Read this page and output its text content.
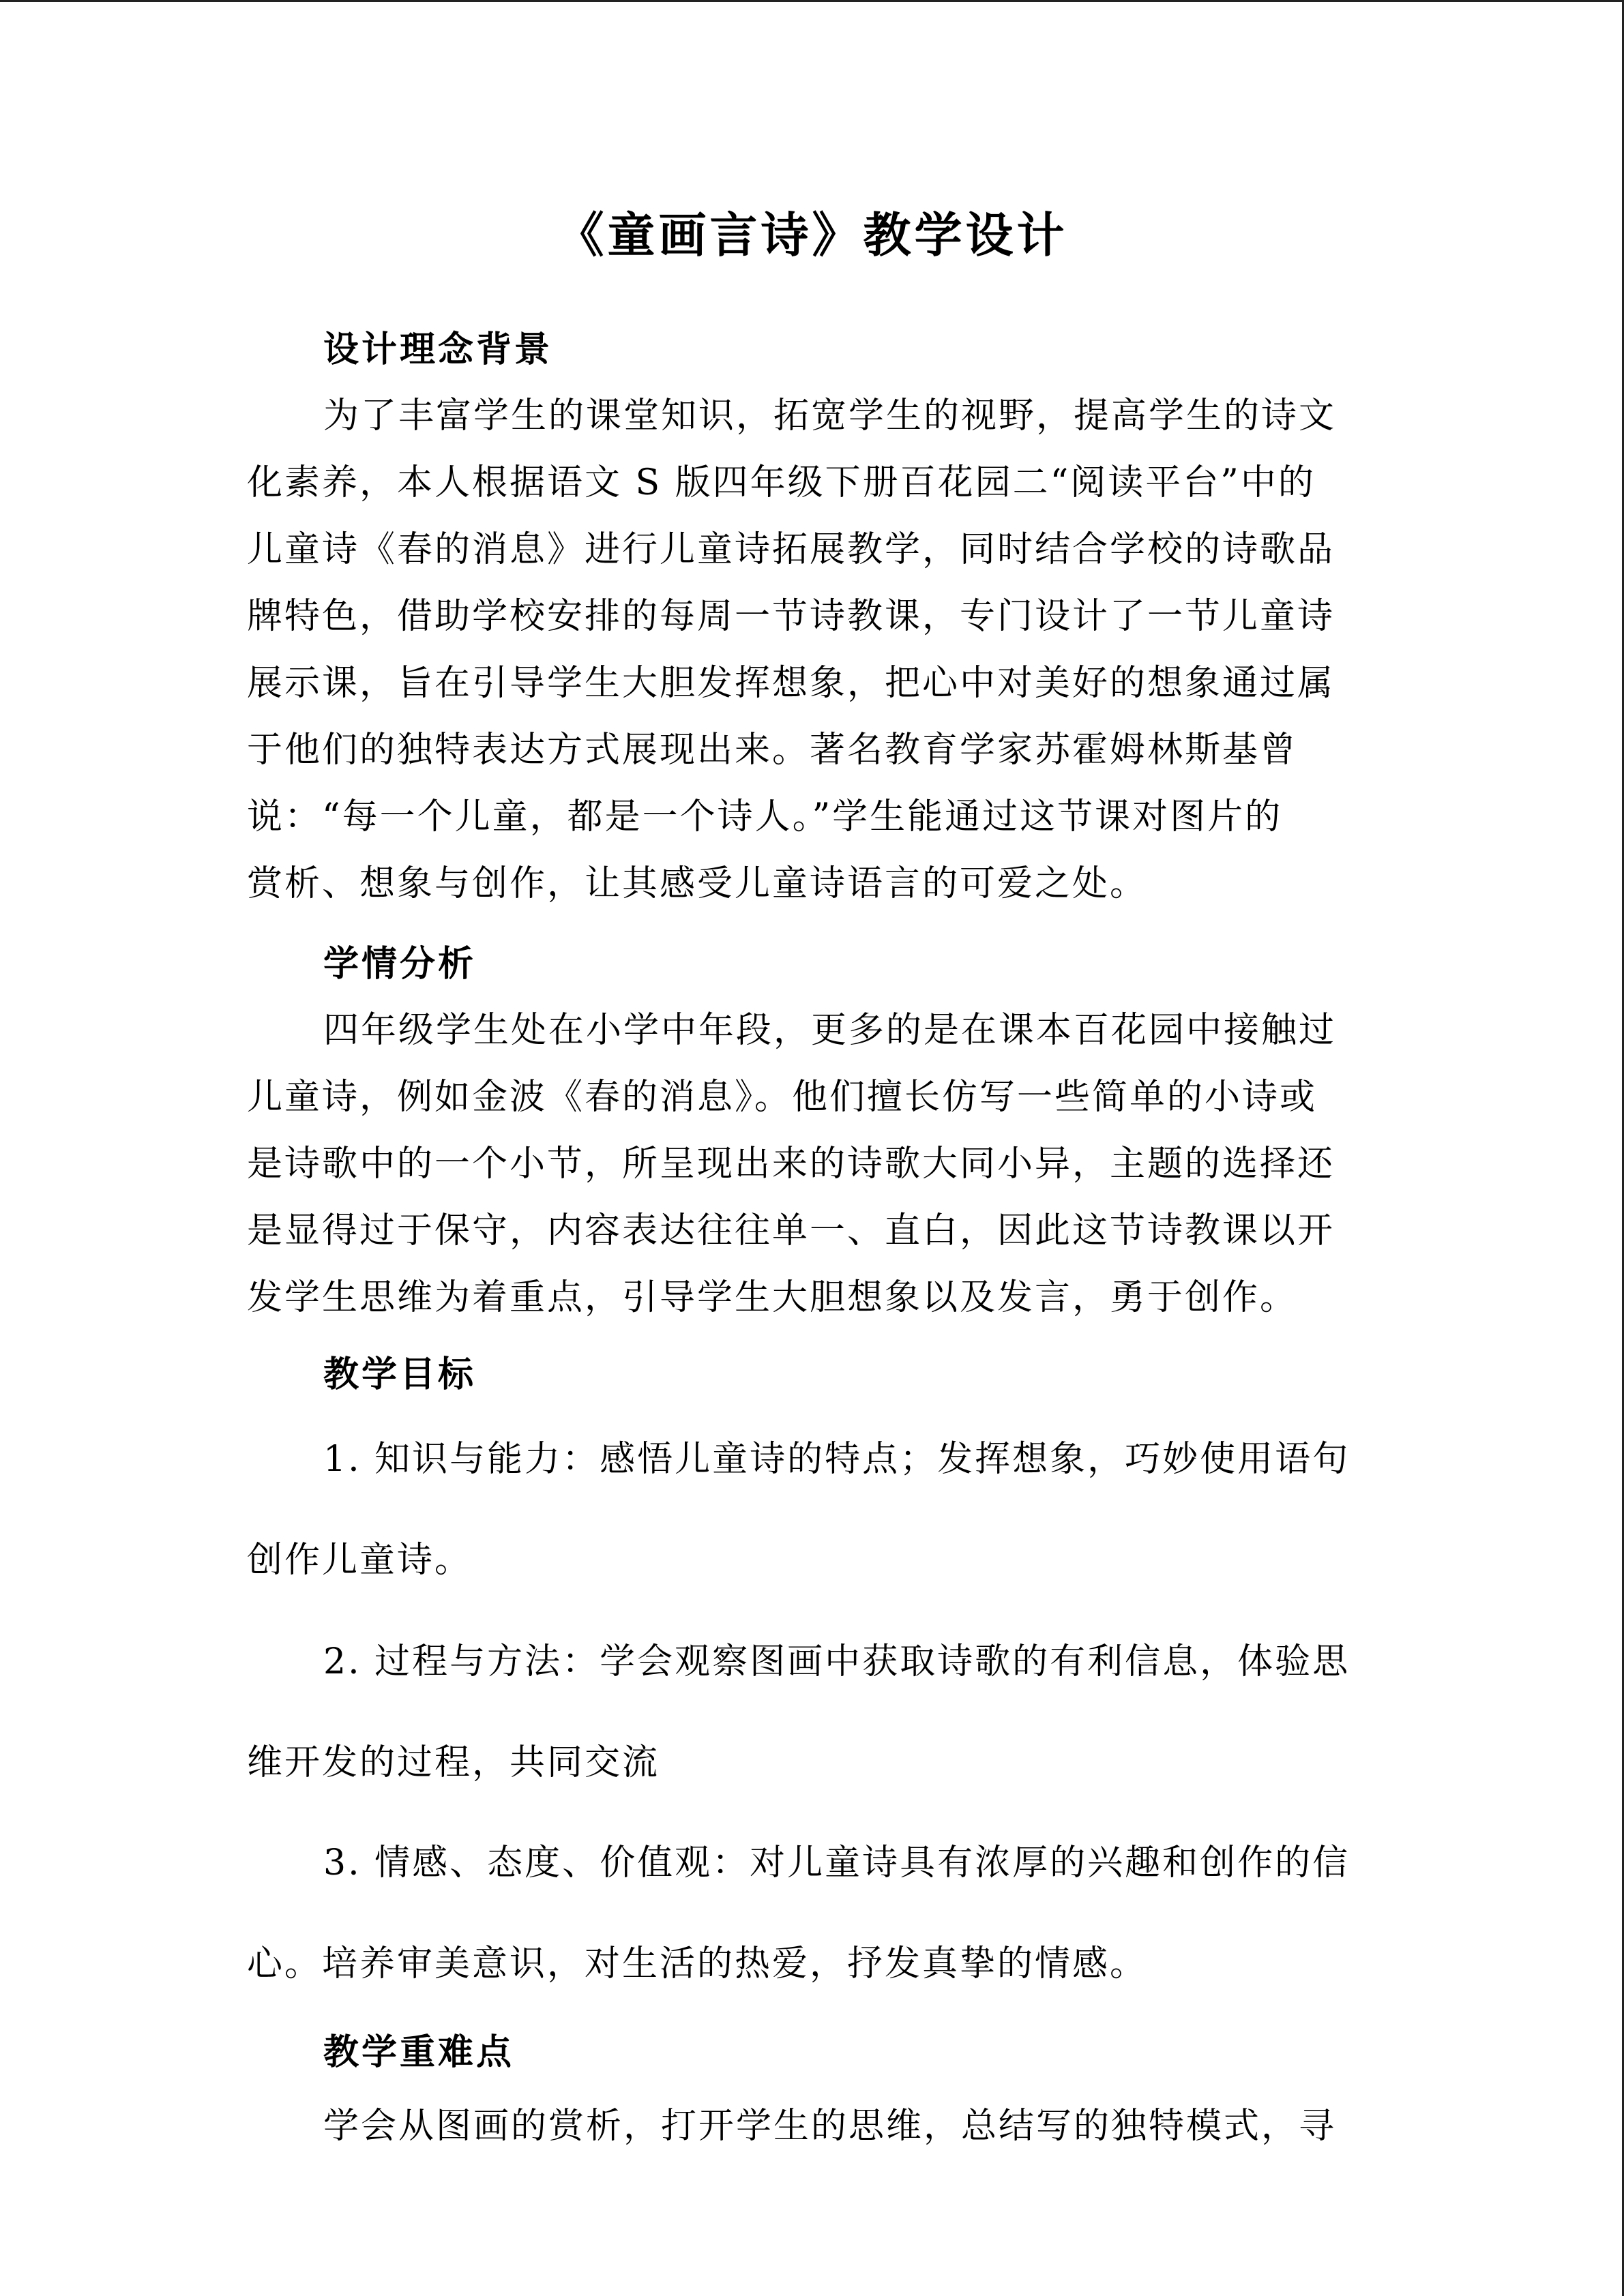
《童画言诗》教学设计
设计理念背景
为了丰富学生的课堂知识，拓宽学生的视野，提高学生的诗文
化素养，本人根据语文 S 版四年级下册百花园二“阅读平台”中的
儿童诗《春的消息》进行儿童诗拓展教学，同时结合学校的诗歌品
牌特色，借助学校安排的每周一节诗教课，专门设计了一节儿童诗
展示课，旨在引导学生大胆发挥想象，把心中对美好的想象通过属
于他们的独特表达方式展现出来。著名教育学家苏霍姆林斯基曾
说：“每一个儿童，都是一个诗人。”学生能通过这节课对图片的
赏析、想象与创作，让其感受儿童诗语言的可爱之处。
学情分析
四年级学生处在小学中年段，更多的是在课本百花园中接触过
儿童诗，例如金波《春的消息》。他们擅长仿写一些简单的小诗或
是诗歌中的一个小节，所呈现出来的诗歌大同小异，主题的选择还
是显得过于保守，内容表达往往单一、直白，因此这节诗教课以开
发学生思维为着重点，引导学生大胆想象以及发言，勇于创作。
教学目标
1. 知识与能力：感悟儿童诗的特点；发挥想象，巧妙使用语句
创作儿童诗。
2. 过程与方法：学会观察图画中获取诗歌的有利信息，体验思
维开发的过程，共同交流
3. 情感、态度、价值观：对儿童诗具有浓厚的兴趣和创作的信
心。培养审美意识，对生活的热爱，抒发真挚的情感。
教学重难点
学会从图画的赏析，打开学生的思维，总结写的独特模式，寻
